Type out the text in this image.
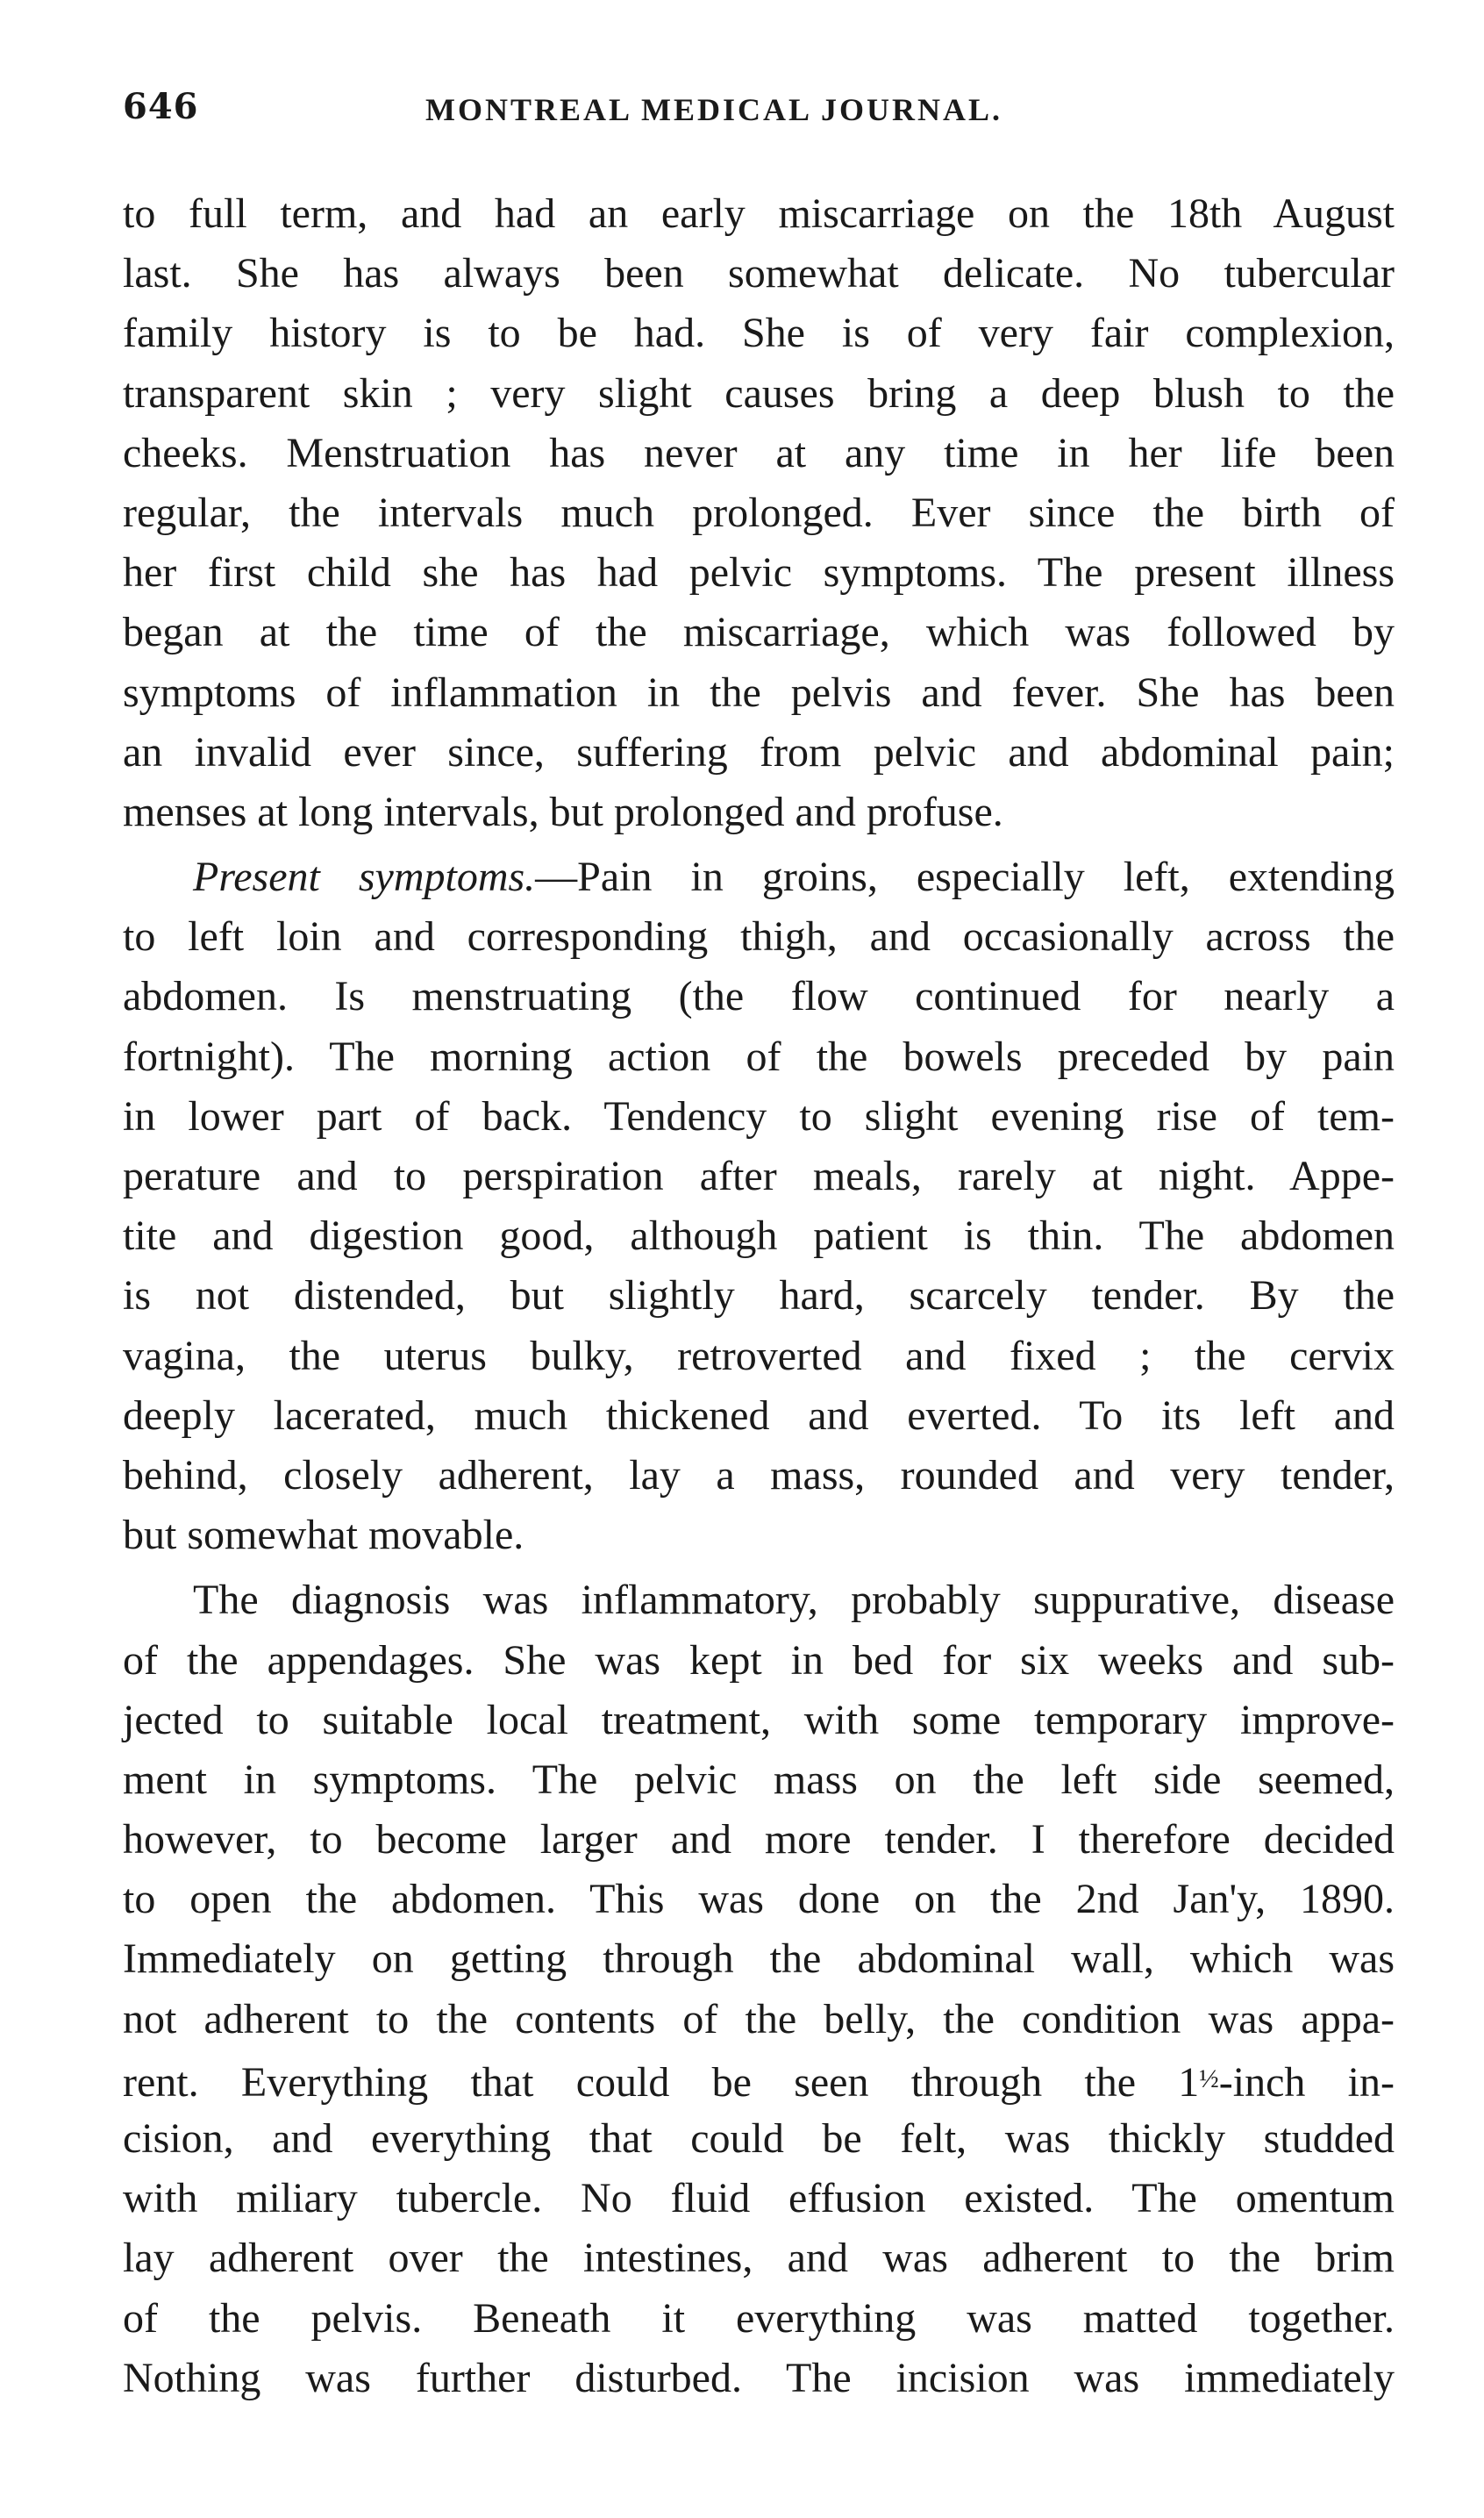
646	MONTREAL MEDICAL JOURNAL.
to full term, and had an early miscarriage on the 18th August
last. She has always been somewhat delicate. No tubercular
family history is to be had. She is of very fair complexion,
transparent skin ; very slight causes bring a deep blush to the
cheeks. Menstruation has never at any time in her life been
regular, the intervals much prolonged. Ever since the birth of
her first child she has had pelvic symptoms. The present illness
began at the time of the miscarriage, which was followed by
symptoms of inflammation in the pelvis and fever. She has been
an invalid ever since, suffering from pelvic and abdominal pain;
menses at long intervals, but prolonged and profuse.
Present symptoms.—Pain in groins, especially left, extending
to left loin and corresponding thigh, and occasionally across the
abdomen. Is menstruating (the flow continued for nearly a
fortnight). The morning action of the bowels preceded by pain
in lower part of back. Tendency to slight evening rise of tem-
perature and to perspiration after meals, rarely at night. Appe-
tite and digestion good, although patient is thin. The abdomen
is not distended, but slightly hard, scarcely tender. By the
vagina, the uterus bulky, retroverted and fixed ; the cervix
deeply lacerated, much thickened and everted. To its left and
behind, closely adherent, lay a mass, rounded and very tender,
but somewhat movable.
The diagnosis was inflammatory, probably suppurative, disease
of the appendages. She was kept in bed for six weeks and sub-
jected to suitable local treatment, with some temporary improve-
ment in symptoms. The pelvic mass on the left side seemed,
however, to become larger and more tender. I therefore decided
to open the abdomen. This was done on the 2nd Jan'y, 1890.
Immediately on getting through the abdominal wall, which was
not adherent to the contents of the belly, the condition was appa-
rent. Everything that could be seen through the $1^{\frac{1}{2}}$-inch in-
cision, and everything that could be felt, was thickly studded
with miliary tubercle. No fluid effusion existed. The omentum
lay adherent over the intestines, and was adherent to the brim
of the pelvis. Beneath it everything was matted together.
Nothing was further disturbed. The incision was immediately
